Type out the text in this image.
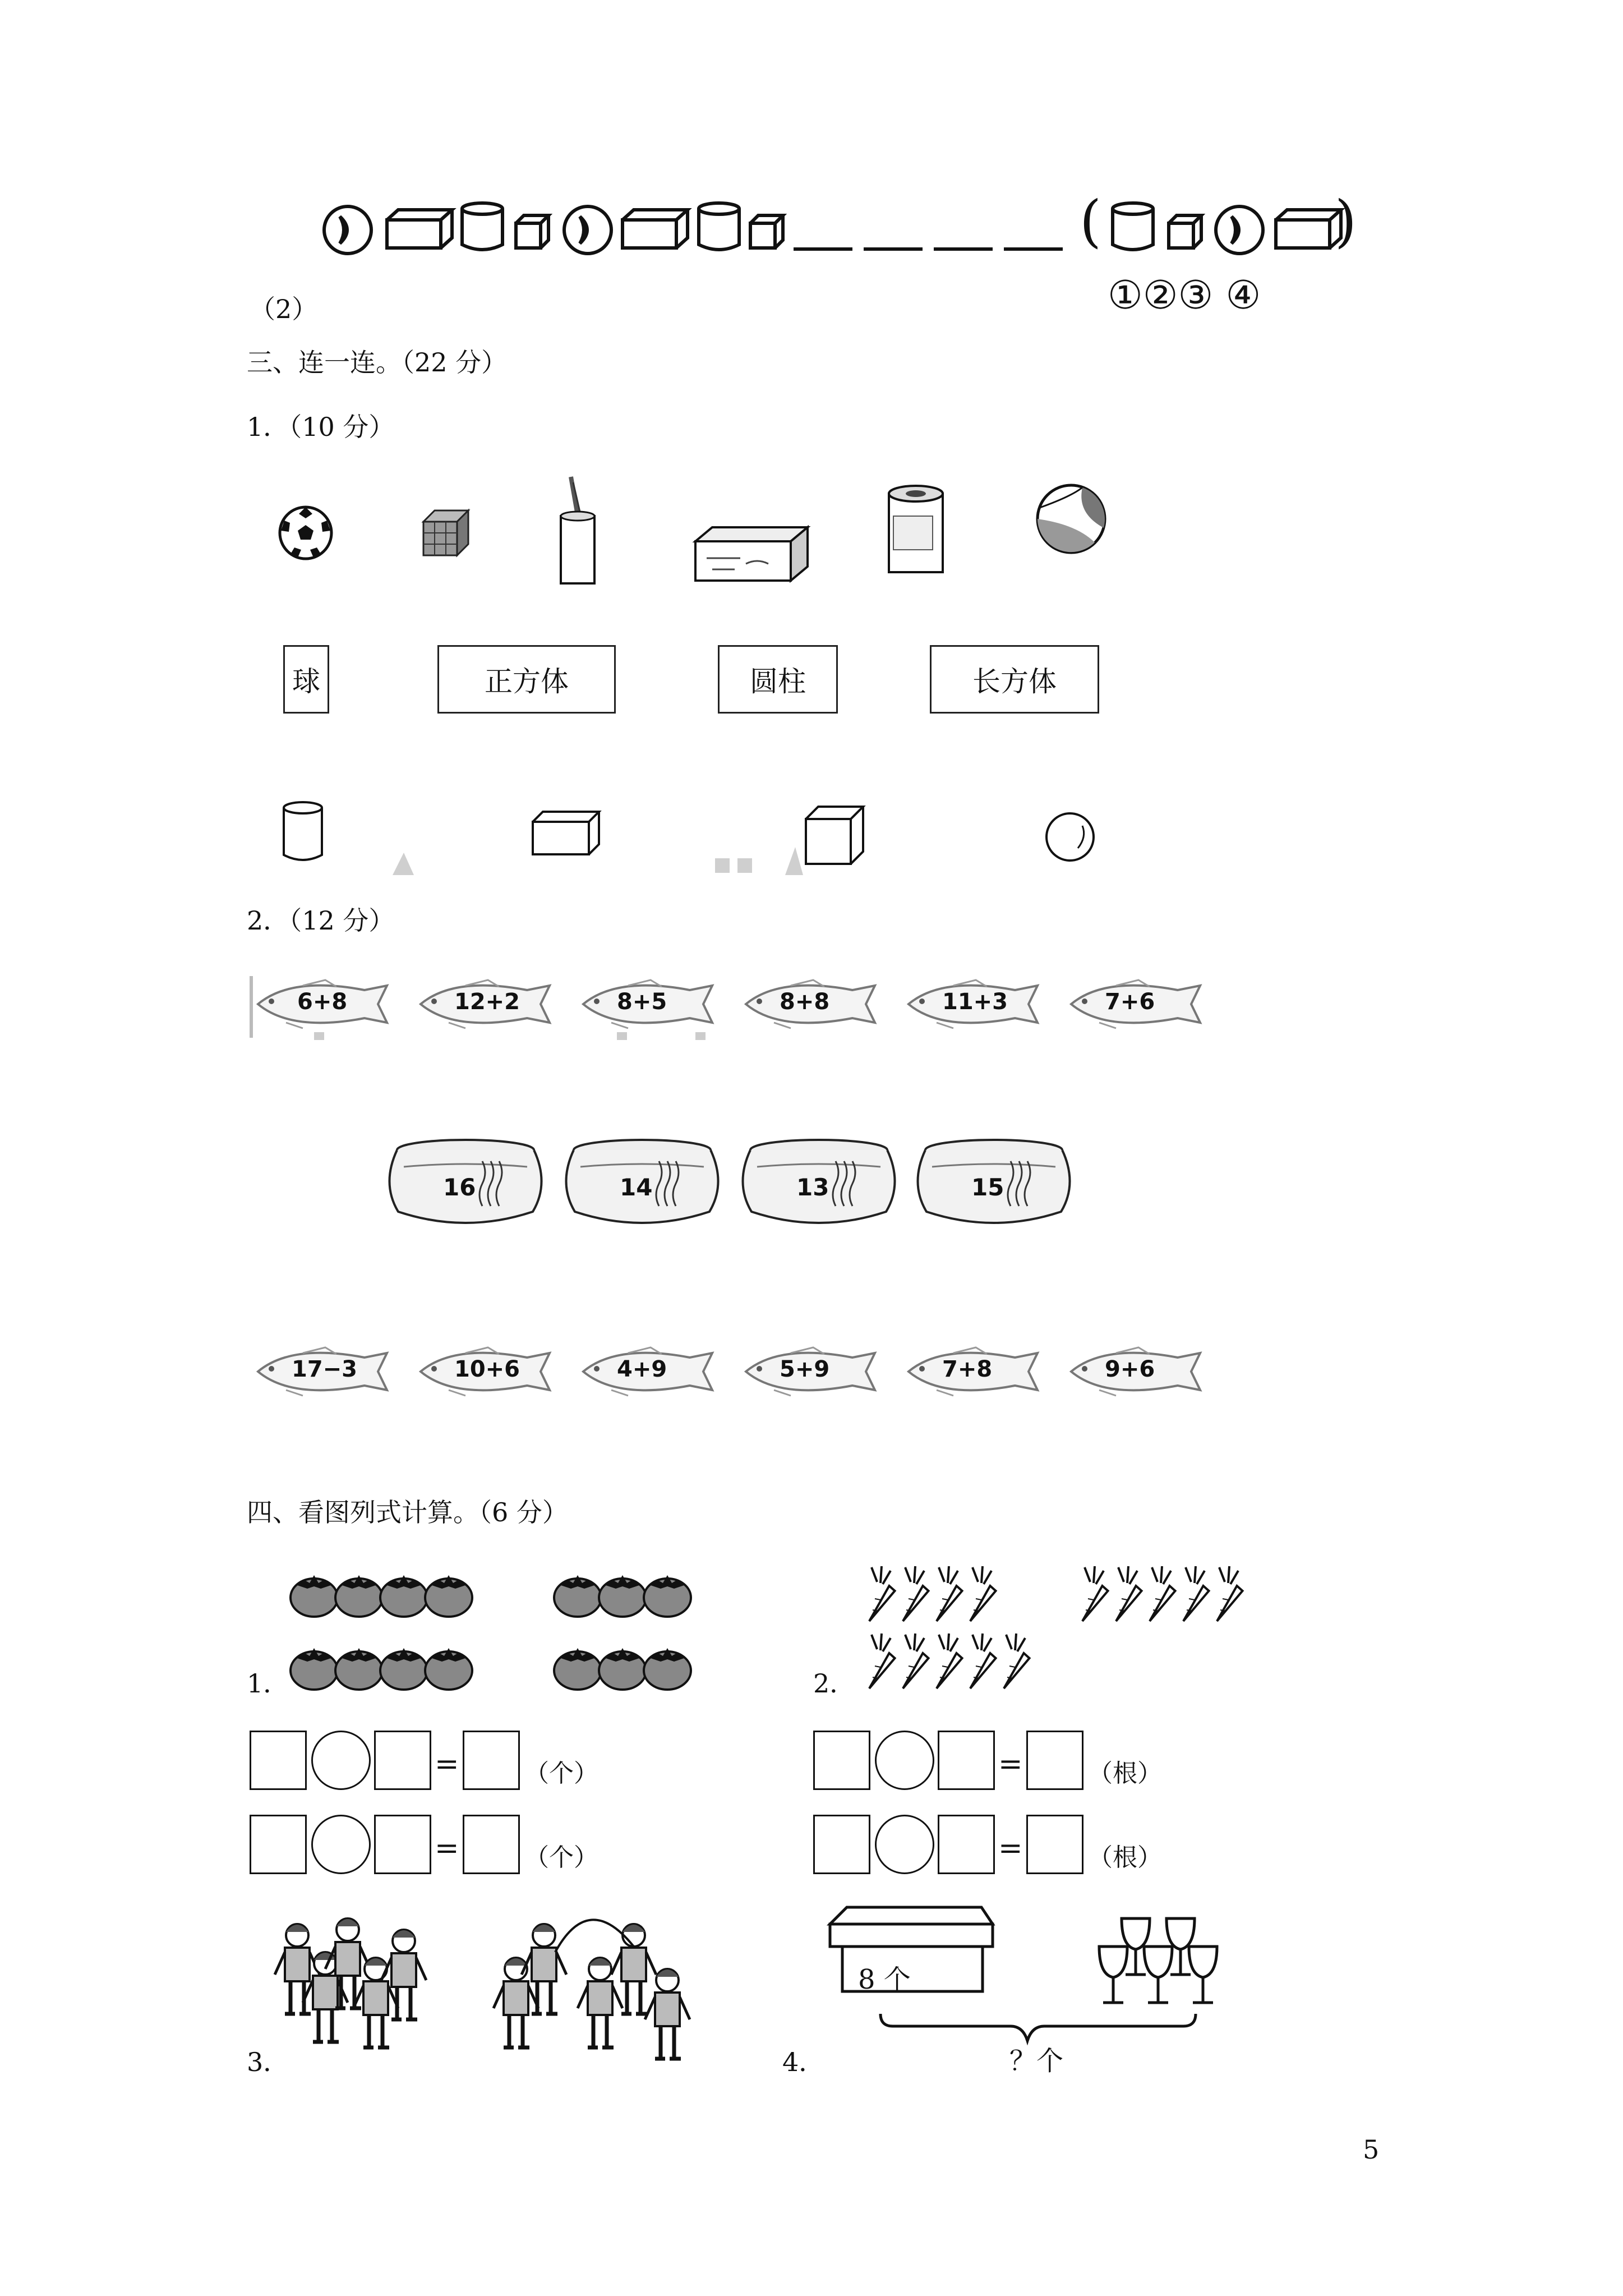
(	)
①②③ ④
（2）
三、连一连。（22 分）
1．（10 分）
球	正方体	圆柱	长方体
2．（12 分）
6+8	12+2	8+5	8+8	11+3	7+6
16	14	13	15
17−3	10+6	4+9	5+9	7+8	9+6
四、看图列式计算。（6 分）
1．	2．
=	（个）
=	（个）
=	（根）
=	（根）
3．
8 个
？个
4．
5
